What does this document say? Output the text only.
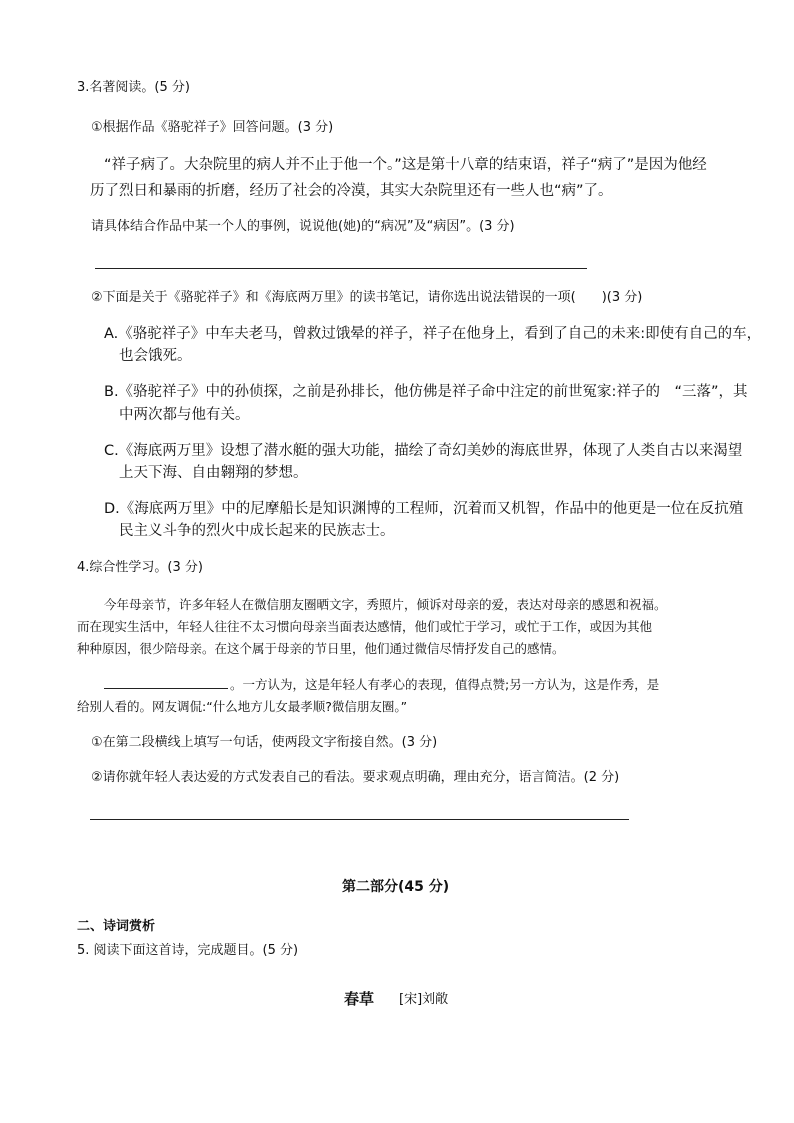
3.名著阅读。(5 分)
①根据作品《骆驼祥子》回答问题。(3 分)
“祥子病了。大杂院里的病人并不止于他一个。”这是第十八章的结束语，祥子“病了”是因为他经
历了烈日和暴雨的折磨，经历了社会的冷漠，其实大杂院里还有一些人也“病”了。
请具体结合作品中某一个人的事例，说说他(她)的“病况”及“病因”。(3 分)
②下面是关于《骆驼祥子》和《海底两万里》的读书笔记，请你选出说法错误的一项(　　)(3 分)
A.《骆驼祥子》中车夫老马，曾救过饿晕的祥子，祥子在他身上，看到了自己的未来:即使有自己的车，
也会饿死。
B.《骆驼祥子》中的孙侦探，之前是孙排长，他仿佛是祥子命中注定的前世冤家:祥子的　“三落”，其
中两次都与他有关。
C.《海底两万里》设想了潜水艇的强大功能，描绘了奇幻美妙的海底世界，体现了人类自古以来渴望
上天下海、自由翱翔的梦想。
D.《海底两万里》中的尼摩船长是知识渊博的工程师，沉着而又机智，作品中的他更是一位在反抗殖
民主义斗争的烈火中成长起来的民族志士。
4.综合性学习。(3 分)
今年母亲节，许多年轻人在微信朋友圈晒文字，秀照片，倾诉对母亲的爱，表达对母亲的感恩和祝福。
而在现实生活中，年轻人往往不太习惯向母亲当面表达感情，他们或忙于学习，或忙于工作，或因为其他
种种原因，很少陪母亲。在这个属于母亲的节日里，他们通过微信尽情抒发自己的感情。
。一方认为，这是年轻人有孝心的表现，值得点赞;另一方认为，这是作秀，是
给别人看的。网友调侃:“什么地方儿女最孝顺?微信朋友圈。”
①在第二段横线上填写一句话，使两段文字衔接自然。(3 分)
②请你就年轻人表达爱的方式发表自己的看法。要求观点明确，理由充分，语言简洁。(2 分)
第二部分(45 分)
二、诗词赏析
5. 阅读下面这首诗，完成题目。(5 分)
春草 [宋]刘敞
